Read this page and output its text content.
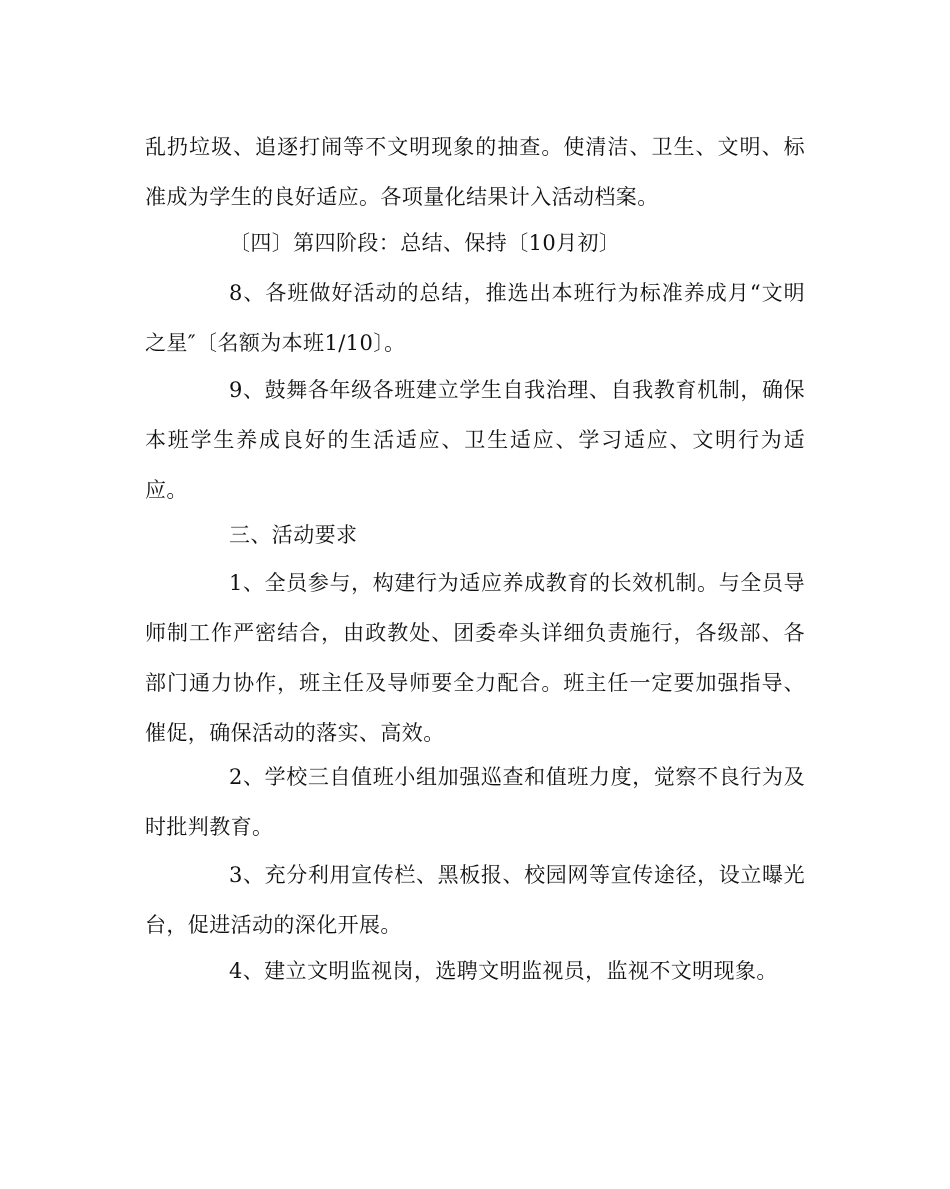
乱扔垃圾、追逐打闹等不文明现象的抽查。使清洁、卫生、文明、标准成为学生的良好适应。各项量化结果计入活动档案。

〔四〕第四阶段：总结、保持〔10月初〕

8、各班做好活动的总结，推选出本班行为标准养成月“文明之星″〔名额为本班1/10〕。

9、鼓舞各年级各班建立学生自我治理、自我教育机制，确保本班学生养成良好的生活适应、卫生适应、学习适应、文明行为适应。

三、活动要求

1、全员参与，构建行为适应养成教育的长效机制。与全员导师制工作严密结合，由政教处、团委牵头详细负责施行，各级部、各部门通力协作，班主任及导师要全力配合。班主任一定要加强指导、催促，确保活动的落实、高效。

2、学校三自值班小组加强巡查和值班力度，觉察不良行为及时批判教育。

3、充分利用宣传栏、黑板报、校园网等宣传途径，设立曝光台，促进活动的深化开展。

4、建立文明监视岗，选聘文明监视员，监视不文明现象。
